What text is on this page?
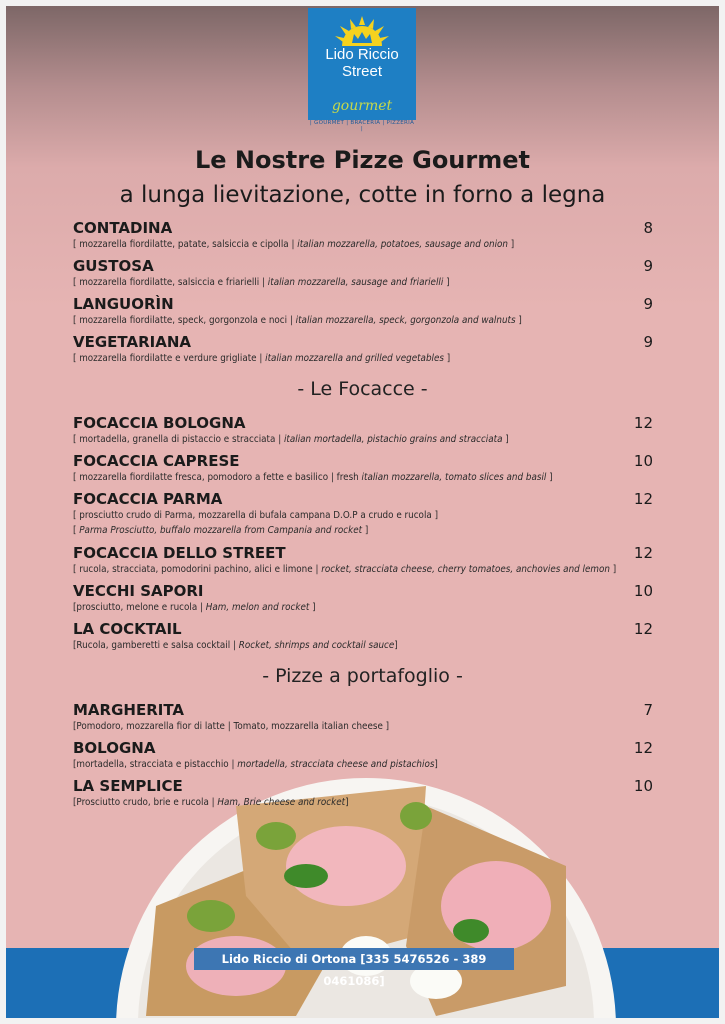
Lido Riccio
Street
gourmet
| GOURMET | BRACERIA | PIZZERIA |
Le Nostre Pizze Gourmet
a lunga lievitazione, cotte in forno a legna
CONTADINA
[ mozzarella fiordilatte, patate, salsiccia e cipolla | italian mozzarella, potatoes, sausage and onion ]
8
GUSTOSA
[ mozzarella fiordilatte, salsiccia e friarielli | italian mozzarella, sausage and friarielli ]
9
LANGUORÌN
[ mozzarella fiordilatte, speck, gorgonzola e noci | italian mozzarella, speck, gorgonzola and walnuts ]
9
VEGETARIANA
[ mozzarella fiordilatte e verdure grigliate | italian mozzarella and grilled vegetables ]
9
- Le Focacce -
FOCACCIA BOLOGNA
[ mortadella, granella di pistaccio e stracciata | italian mortadella, pistachio grains and stracciata ]
12
FOCACCIA CAPRESE
[ mozzarella fiordilatte fresca, pomodoro a fette e basilico | fresh italian mozzarella, tomato slices and basil ]
10
FOCACCIA PARMA
[ prosciutto crudo di Parma, mozzarella di bufala campana D.O.P a crudo e rucola ]
[ Parma Prosciutto, buffalo mozzarella from Campania and rocket ]
12
FOCACCIA DELLO STREET
[ rucola, stracciata, pomodorini pachino, alici e limone | rocket, stracciata cheese, cherry tomatoes, anchovies and lemon ]
12
VECCHI SAPORI
[prosciutto, melone e rucola | Ham, melon and rocket ]
10
LA COCKTAIL
[Rucola, gamberetti e salsa cocktail | Rocket, shrimps and cocktail sauce]
12
- Pizze a portafoglio -
Lido Riccio di Ortona [335 5476526 - 389 0461086]
MARGHERITA
[Pomodoro, mozzarella fior di latte | Tomato, mozzarella italian cheese ]
7
BOLOGNA
[mortadella, stracciata e pistacchio | mortadella, stracciata cheese and pistachios]
12
LA SEMPLICE
[Prosciutto crudo, brie e rucola | Ham, Brie cheese and rocket]
10
